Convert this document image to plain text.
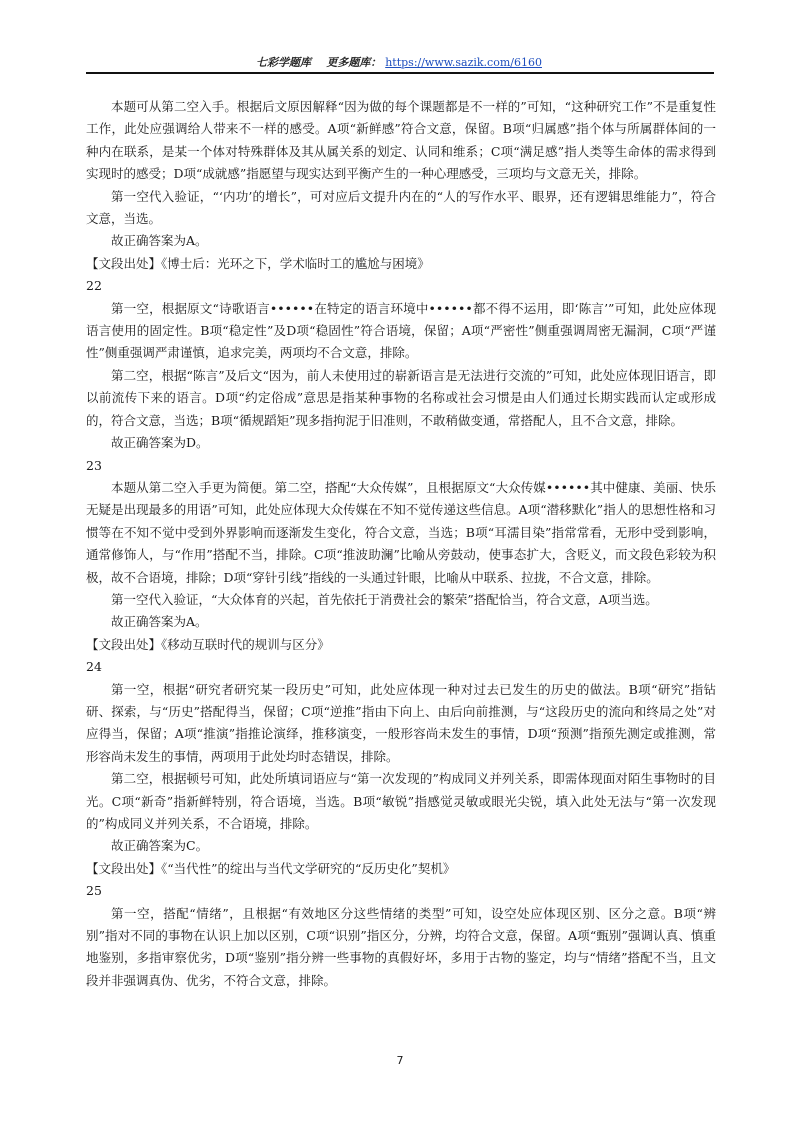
七彩学题库 更多题库： https://www.sazik.com/6160

本题可从第二空入手。根据后文原因解释“因为做的每个课题都是不一样的”可知，“这种研究工作”不是重复性工作，此处应强调给人带来不一样的感受。A项“新鲜感”符合文意，保留。B项“归属感”指个体与所属群体间的一种内在联系，是某一个体对特殊群体及其从属关系的划定、认同和维系；C项“满足感”指人类等生命体的需求得到实现时的感受；D项“成就感”指愿望与现实达到平衡产生的一种心理感受，三项均与文意无关，排除。

第一空代入验证，“‘内功’的增长”，可对应后文提升内在的“人的写作水平、眼界，还有逻辑思维能力”，符合文意，当选。

故正确答案为A。

【文段出处】《博士后：光环之下，学术临时工的尴尬与困境》

22

第一空，根据原文“诗歌语言••••••在特定的语言环境中••••••都不得不运用，即‘陈言’”可知，此处应体现语言使用的固定性。B项“稳定性”及D项“稳固性”符合语境，保留；A项“严密性”侧重强调周密无漏洞，C项“严谨性”侧重强调严肃谨慎，追求完美，两项均不合文意，排除。

第二空，根据“陈言”及后文“因为，前人未使用过的崭新语言是无法进行交流的”可知，此处应体现旧语言，即以前流传下来的语言。D项“约定俗成”意思是指某种事物的名称或社会习惯是由人们通过长期实践而认定或形成的，符合文意，当选；B项“循规蹈矩”现多指拘泥于旧准则，不敢稍做变通，常搭配人，且不合文意，排除。

故正确答案为D。

23

本题从第二空入手更为简便。第二空，搭配“大众传媒”，且根据原文“大众传媒••••••其中健康、美丽、快乐无疑是出现最多的用语”可知，此处应体现大众传媒在不知不觉传递这些信息。A项“潜移默化”指人的思想性格和习惯等在不知不觉中受到外界影响而逐渐发生变化，符合文意，当选；B项“耳濡目染”指常常看，无形中受到影响，通常修饰人，与“作用”搭配不当，排除。C项“推波助澜”比喻从旁鼓动，使事态扩大，含贬义，而文段色彩较为积极，故不合语境，排除；D项“穿针引线”指线的一头通过针眼，比喻从中联系、拉拢，不合文意，排除。

第一空代入验证，“大众体育的兴起，首先依托于消费社会的繁荣”搭配恰当，符合文意，A项当选。

故正确答案为A。

【文段出处】《移动互联时代的规训与区分》

24

第一空，根据“研究者研究某一段历史”可知，此处应体现一种对过去已发生的历史的做法。B项“研究”指钻研、探索，与“历史”搭配得当，保留；C项“逆推”指由下向上、由后向前推测，与“这段历史的流向和终局之处”对应得当，保留；A项“推演”指推论演绎，推移演变，一般形容尚未发生的事情，D项“预测”指预先测定或推测，常形容尚未发生的事情，两项用于此处均时态错误，排除。

第二空，根据顿号可知，此处所填词语应与“第一次发现的”构成同义并列关系，即需体现面对陌生事物时的目光。C项“新奇”指新鲜特别，符合语境，当选。B项“敏锐”指感觉灵敏或眼光尖锐，填入此处无法与“第一次发现的”构成同义并列关系，不合语境，排除。

故正确答案为C。

【文段出处】《“当代性”的绽出与当代文学研究的“反历史化”契机》

25

第一空，搭配“情绪”，且根据“有效地区分这些情绪的类型”可知，设空处应体现区别、区分之意。B项“辨别”指对不同的事物在认识上加以区别，C项“识别”指区分，分辨，均符合文意，保留。A项“甄别”强调认真、慎重地鉴别，多指审察优劣，D项“鉴别”指分辨一些事物的真假好坏，多用于古物的鉴定，均与“情绪”搭配不当，且文段并非强调真伪、优劣，不符合文意，排除。

7
